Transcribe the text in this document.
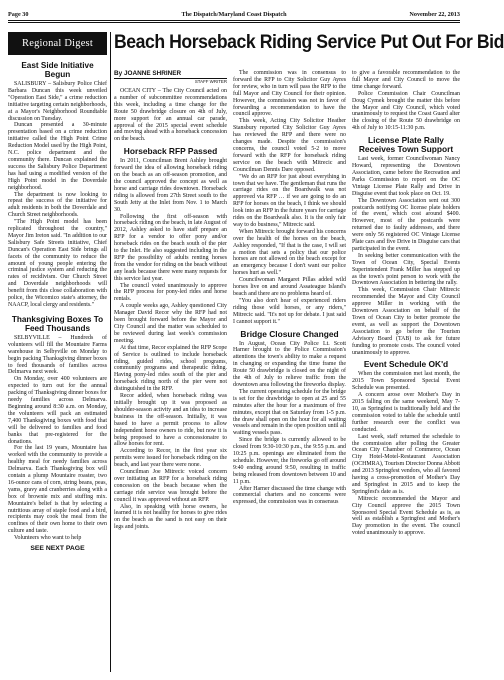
Page 30	The Dispatch/Maryland Coast Dispatch	November 22, 2013
Regional Digest
East Side Initiative Begun

SALISBURY – Salisbury Police Chief Barbara Duncan this week unveiled "Operation East Side," a crime reduction initiative targeting certain neighborhoods, at a Mayor's Neighborhood Roundtable discussion on Tuesday.

Duncan presented a 30-minute presentation based on a crime reduction initiative called the High Point Crime Reduction Model used by the High Point, N.C. police department and the community there. Duncan explained the success the Salisbury Police Department has had using a modified version of the High Point model in the Doverdale neighborhood.

The department is now looking to repeat the success of the initiative for adult residents in both the Doverdale and Church Street neighborhoods.

"The High Point model has been replicated throughout the country," Mayor Jim Ireton said. "In addition to our Salisbury Safe Streets initiative, Chief Duncan's Operation East Side brings all facets of the community to reduce the amount of young people entering the criminal justice system and reducing the rates of recidivism. Our Church Street and Doverdale neighborhoods will benefit from this close collaboration with police, the Wicomico state's attorney, the NAACP, local clergy and residents."

Thanksgiving Boxes To Feed Thousands

SELBYVILLE – Hundreds of volunteers will fill the Mountaire Farms warehouse in Selbyville on Monday to begin packing Thanksgiving dinner boxes to feed thousands of families across Delmarva next week.

On Monday, over 400 volunteers are expected to turn out for the annual packing of Thanksgiving dinner boxes for needy families across Delmarva. Beginning around 8:30 a.m. on Monday, the volunteers will pack an estimated 7,400 Thanksgiving boxes with food that will be delivered to families and food banks that pre-registered for the donations.

For the last 19 years, Mountaire has worked with the community to provide a healthy meal for needy families across Delmarva. Each Thanksgiving box will contain a plump Mountaire roaster, two 16-ounce cans of corn, string beans, peas, yams, gravy and cranberries along with a box of brownie mix and stuffing mix. Mountaire's belief is that by selecting a nutritious array of staple food and a bird, recipients may cook the meal from the confines of their own home to their own culture and taste.

Volunteers who want to help

SEE NEXT PAGE
Beach Horseback Riding Service Put Out For Bid
By JOANNE SHRINER
STAFF WRITER

OCEAN CITY – The City Council acted on a number of subcommittee recommendations this week, including a time change for the Route 50 drawbridge closure on 4th of July, more support for an annual car parade, approval of the 2015 special event schedule and moving ahead with a horseback concession on the beach.

Horseback RFP Passed

In 2011, Councilman Brent Ashley brought forward the idea of allowing horseback riding on the beach as an off-season promotion, and the council approved the concept as well as horse and carriage rides downtown. Horseback riding is allowed from 27th Street south to the South Jetty at the Inlet from Nov. 1 to March 30.

Following the first off-season with horseback riding on the beach, in late August of 2012, Ashley asked to have staff prepare an RFP for a vendor to offer pony and/or horseback rides on the beach south of the pier to the Inlet. He also suggested including in the RFP the possibility of adults renting horses from the vendor for riding on the beach without any leads because there were many requests for this service last year.

The council voted unanimously to approve the RFP process for pony-led rides and horse rentals.

A couple weeks ago, Ashley questioned City Manager David Recor why the RFP had not been brought forward before the Mayor and City Council and the matter was scheduled to be reviewed during last week's commission meeting.

At that time, Recor explained the RFP Scope of Service is outlined to include horseback riding, guided rides, school programs, community programs and therapeutic riding. Having pony-led rides south of the pier and horseback riding north of the pier were not distinguished in the RFP.

Recor added, when horseback riding was initially brought up it was proposed as shoulder-season activity and an idea to increase business in the off-season. Initially, it was based to have a permit process to allow independent horse owners to ride, but now it is being proposed to have a concessionaire to allow horses for rent.

According to Recor, in the first year six permits were issued for horseback riding on the beach, and last year there were none.

Councilman Joe Mitrecic voiced concern over initiating an RFP for a horseback riding concession on the beach because when the carriage ride service was brought before the council it was approved without an RFP.

Also, in speaking with horse owners, he learned it is not healthy for horses to give rides on the beach as the sand is not easy on their legs and joints.

The commission was in consensus to forward the RFP to City Solicitor Guy Ayres for review, who in turn will pass the RFP to the full Mayor and City Council for their opinion. However, the commission was not in favor of forwarding a recommendation to have the council approve.

This week, Acting City Solicitor Heather Stansbury reported City Solicitor Guy Ayres has reviewed the RFP and there were no changes made. Despite the commission's concerns, the council voted 5-2 to move forward with the RFP for horseback riding service on the beach with Mitrecic and Councilman Dennis Dare opposed.

"We do an RFP for just about everything in town that we have. The gentleman that runs the carriage rides on the Boardwalk was not approved via RFP … if we are going to do an RFP for horses on the beach, I think we should look into an RFP in the future years for carriage rides on the Boardwalk also. It is the only fair way to do business," Mitrecic said.

When Mitrecic brought forward his concerns over the health of the horses on the beach, Ashley responded, "If that is the case, I will set a motion that sets a policy that our police horses are not allowed on the beach except for an emergency because I don't want our police horses hurt as well."

Councilwoman Margaret Pillas added wild horses live on and around Assateague Island's beach and there are no problems heard of.

"You also don't hear of experienced riders riding those wild horses, or any riders," Mitrecic said. "It's not up for debate. I just said I cannot support it."

Bridge Closure Changed

In August, Ocean City Police Lt. Scott Harner brought to the Police Commission's attentions the town's ability to make a request in changing or expanding the time frame the Route 50 drawbridge is closed on the night of the 4th of July to relieve traffic from the downtown area following the fireworks display.

The current operating schedule for the bridge is set for the drawbridge to open at 25 and 55 minutes after the hour for a maximum of five minutes, except that on Saturday from 1-5 p.m. the draw shall open on the hour for all waiting vessels and remain in the open position until all waiting vessels pass.

Since the bridge is currently allowed to be closed from 9:30-10:30 p.m., the 9:55 p.m. and 10:25 p.m. openings are eliminated from the schedule. However, the fireworks go off around 9:40 ending around 9:50, resulting in traffic being released from downtown between 10 and 11 p.m.

After Harner discussed the time change with commercial charters and no concerns were expressed, the commission was in consensus

to give a favorable recommendation to the full Mayor and City Council to move the time change forward.

Police Commission Chair Councilman Doug Cymek brought the matter this before the Mayor and City Council, which voted unanimously to request the Coast Guard alter the closing of the Route 50 drawbridge on 4th of July to 10:15-11:30 p.m.

License Plate Rally Receives Town Support

Last week, former Councilwoman Nancy Howard, representing the Downtown Association, came before the Recreation and Parks Commission to report on the OC Vintage License Plate Rally and Drive in Disguise event that took place on Oct. 19.

The Downtown Association sent out 300 postcards notifying OC license plate holders of the event, which cost around $400. However, most of the postcards were returned due to faulty addresses, and there were only 56 registered OC Vintage License Plate cars and five Drive in Disguise cars that participated in the event.

In seeking better communication with the Town of Ocean City, Special Events Superintendent Frank Miller has stepped up as the town's point person to work with the Downtown Association in bettering the rally.

This week, Commission Chair Mitrecic recommended the Mayor and City Council approve Miller in working with the Downtown Association on behalf of the Town of Ocean City to better promote the event, as well as support the Downtown Association to go before the Tourism Advisory Board (TAB) to ask for future funding to promote costs. The council voted unanimously to approve.

Event Schedule OK'd

When the commission met last month, the 2015 Town Sponsored Special Event Schedule was presented.

A concern arose over Mother's Day in 2015 falling on the same weekend, May 7-10, as Springfest is traditionally held and the commission voted to table the schedule until further research over the conflict was conducted.

Last week, staff returned the schedule to the commission after polling the Greater Ocean City Chamber of Commerce, Ocean City Hotel-Motel-Restaurant Association (OCHMRA), Tourism Director Donna Abbott and 2013 Springfest vendors, who all favored having a cross-promotion of Mother's Day and Springfest in 2015 and to keep the Springfest's date as is.

Mitrecic recommended the Mayor and City Council approve the 2015 Town Sponsored Special Event Schedule as is, as well as establish a Springfest and Mother's Day promotion in the event. The council voted unanimously to approve.
